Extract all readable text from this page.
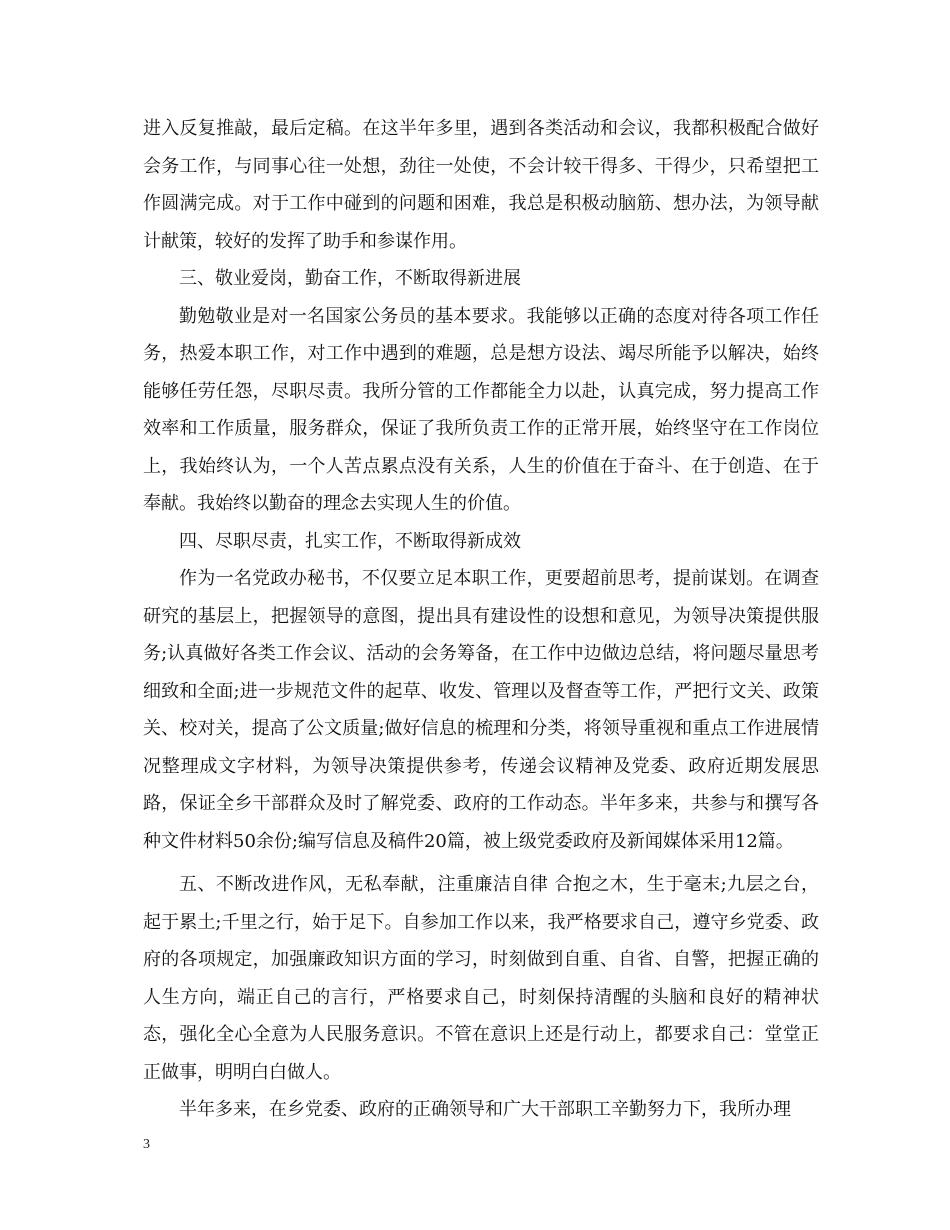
进入反复推敲，最后定稿。在这半年多里，遇到各类活动和会议，我都积极配合做好会务工作，与同事心往一处想，劲往一处使，不会计较干得多、干得少，只希望把工作圆满完成。对于工作中碰到的问题和困难，我总是积极动脑筋、想办法，为领导献计献策，较好的发挥了助手和参谋作用。

三、敬业爱岗，勤奋工作，不断取得新进展

勤勉敬业是对一名国家公务员的基本要求。我能够以正确的态度对待各项工作任务，热爱本职工作，对工作中遇到的难题，总是想方设法、竭尽所能予以解决，始终能够任劳任怨，尽职尽责。我所分管的工作都能全力以赴，认真完成，努力提高工作效率和工作质量，服务群众，保证了我所负责工作的正常开展，始终坚守在工作岗位上，我始终认为，一个人苦点累点没有关系，人生的价值在于奋斗、在于创造、在于奉献。我始终以勤奋的理念去实现人生的价值。

四、尽职尽责，扎实工作，不断取得新成效

作为一名党政办秘书，不仅要立足本职工作，更要超前思考，提前谋划。在调查研究的基层上，把握领导的意图，提出具有建设性的设想和意见，为领导决策提供服务;认真做好各类工作会议、活动的会务筹备，在工作中边做边总结，将问题尽量思考细致和全面;进一步规范文件的起草、收发、管理以及督查等工作，严把行文关、政策关、校对关，提高了公文质量;做好信息的梳理和分类，将领导重视和重点工作进展情况整理成文字材料，为领导决策提供参考，传递会议精神及党委、政府近期发展思路，保证全乡干部群众及时了解党委、政府的工作动态。半年多来，共参与和撰写各种文件材料50余份;编写信息及稿件20篇，被上级党委政府及新闻媒体采用12篇。

五、不断改进作风，无私奉献，注重廉洁自律 合抱之木，生于毫末;九层之台，起于累土;千里之行，始于足下。自参加工作以来，我严格要求自己，遵守乡党委、政府的各项规定，加强廉政知识方面的学习，时刻做到自重、自省、自警，把握正确的人生方向，端正自己的言行，严格要求自己，时刻保持清醒的头脑和良好的精神状态，强化全心全意为人民服务意识。不管在意识上还是行动上，都要求自己：堂堂正正做事，明明白白做人。

半年多来，在乡党委、政府的正确领导和广大干部职工辛勤努力下，我所办理

3
